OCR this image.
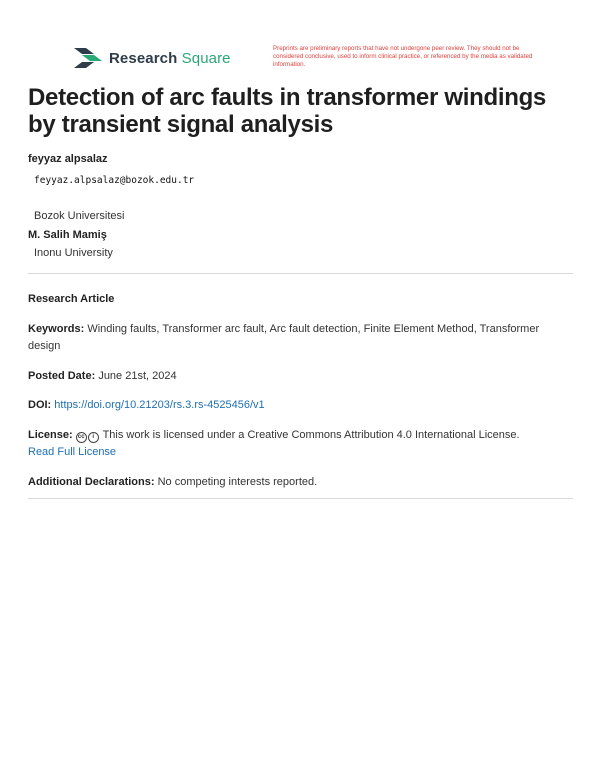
Research Square
Preprints are preliminary reports that have not undergone peer review. They should not be considered conclusive, used to inform clinical practice, or referenced by the media as validated information.
Detection of arc faults in transformer windings by transient signal analysis
feyyaz alpsalaz
feyyaz.alpsalaz@bozok.edu.tr
Bozok Universitesi
M. Salih Mamiş
Inonu University
Research Article
Keywords: Winding faults, Transformer arc fault, Arc fault detection, Finite Element Method, Transformer design
Posted Date: June 21st, 2024
DOI: https://doi.org/10.21203/rs.3.rs-4525456/v1
License: cc i This work is licensed under a Creative Commons Attribution 4.0 International License.
Read Full License
Additional Declarations: No competing interests reported.
